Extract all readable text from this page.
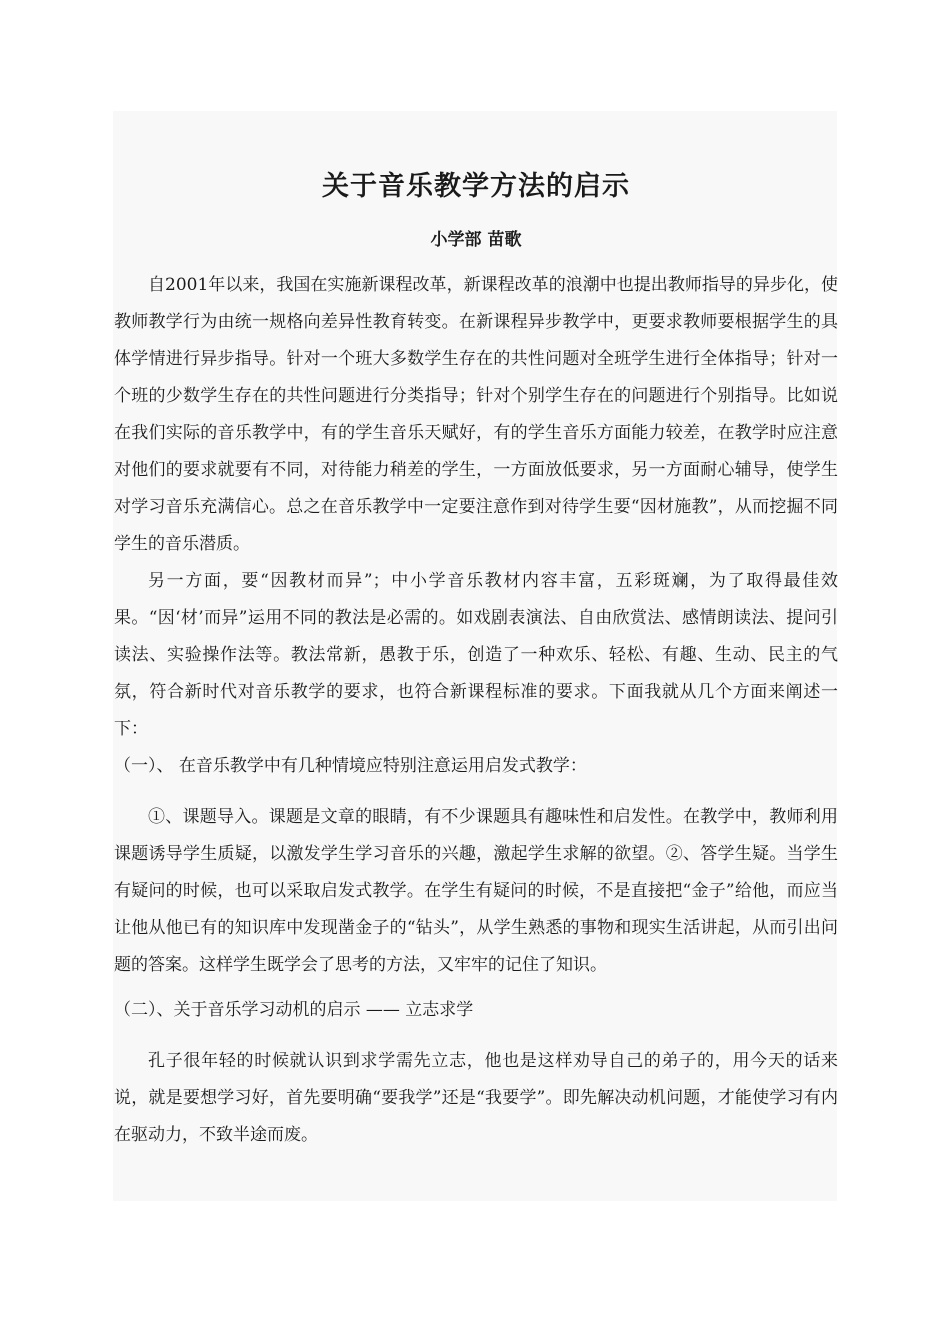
关于音乐教学方法的启示
小学部 苗歌

自2001年以来，我国在实施新课程改革，新课程改革的浪潮中也提出教师指导的异步化，使教师教学行为由统一规格向差异性教育转变。在新课程异步教学中，更要求教师要根据学生的具体学情进行异步指导。针对一个班大多数学生存在的共性问题对全班学生进行全体指导；针对一个班的少数学生存在的共性问题进行分类指导；针对个别学生存在的问题进行个别指导。比如说在我们实际的音乐教学中，有的学生音乐天赋好，有的学生音乐方面能力较差，在教学时应注意对他们的要求就要有不同，对待能力稍差的学生，一方面放低要求，另一方面耐心辅导，使学生对学习音乐充满信心。总之在音乐教学中一定要注意作到对待学生要“因材施教”，从而挖掘不同学生的音乐潜质。

另一方面，要“因教材而异”；中小学音乐教材内容丰富，五彩斑斓，为了取得最佳效果。“因‘材’而异”运用不同的教法是必需的。如戏剧表演法、自由欣赏法、感情朗读法、提问引读法、实验操作法等。教法常新，愚教于乐，创造了一种欢乐、轻松、有趣、生动、民主的气氛，符合新时代对音乐教学的要求，也符合新课程标准的要求。下面我就从几个方面来阐述一下：

（一）、 在音乐教学中有几种情境应特别注意运用启发式教学：

①、课题导入。课题是文章的眼睛，有不少课题具有趣味性和启发性。在教学中，教师利用课题诱导学生质疑，以激发学生学习音乐的兴趣，激起学生求解的欲望。②、答学生疑。当学生有疑问的时候，也可以采取启发式教学。在学生有疑问的时候，不是直接把“金子”给他，而应当让他从他已有的知识库中发现凿金子的“钻头”，从学生熟悉的事物和现实生活讲起，从而引出问题的答案。这样学生既学会了思考的方法，又牢牢的记住了知识。

（二）、关于音乐学习动机的启示 —— 立志求学

孔子很年轻的时候就认识到求学需先立志，他也是这样劝导自己的弟子的，用今天的话来说，就是要想学习好，首先要明确“要我学”还是“我要学”。即先解决动机问题，才能使学习有内在驱动力，不致半途而废。
